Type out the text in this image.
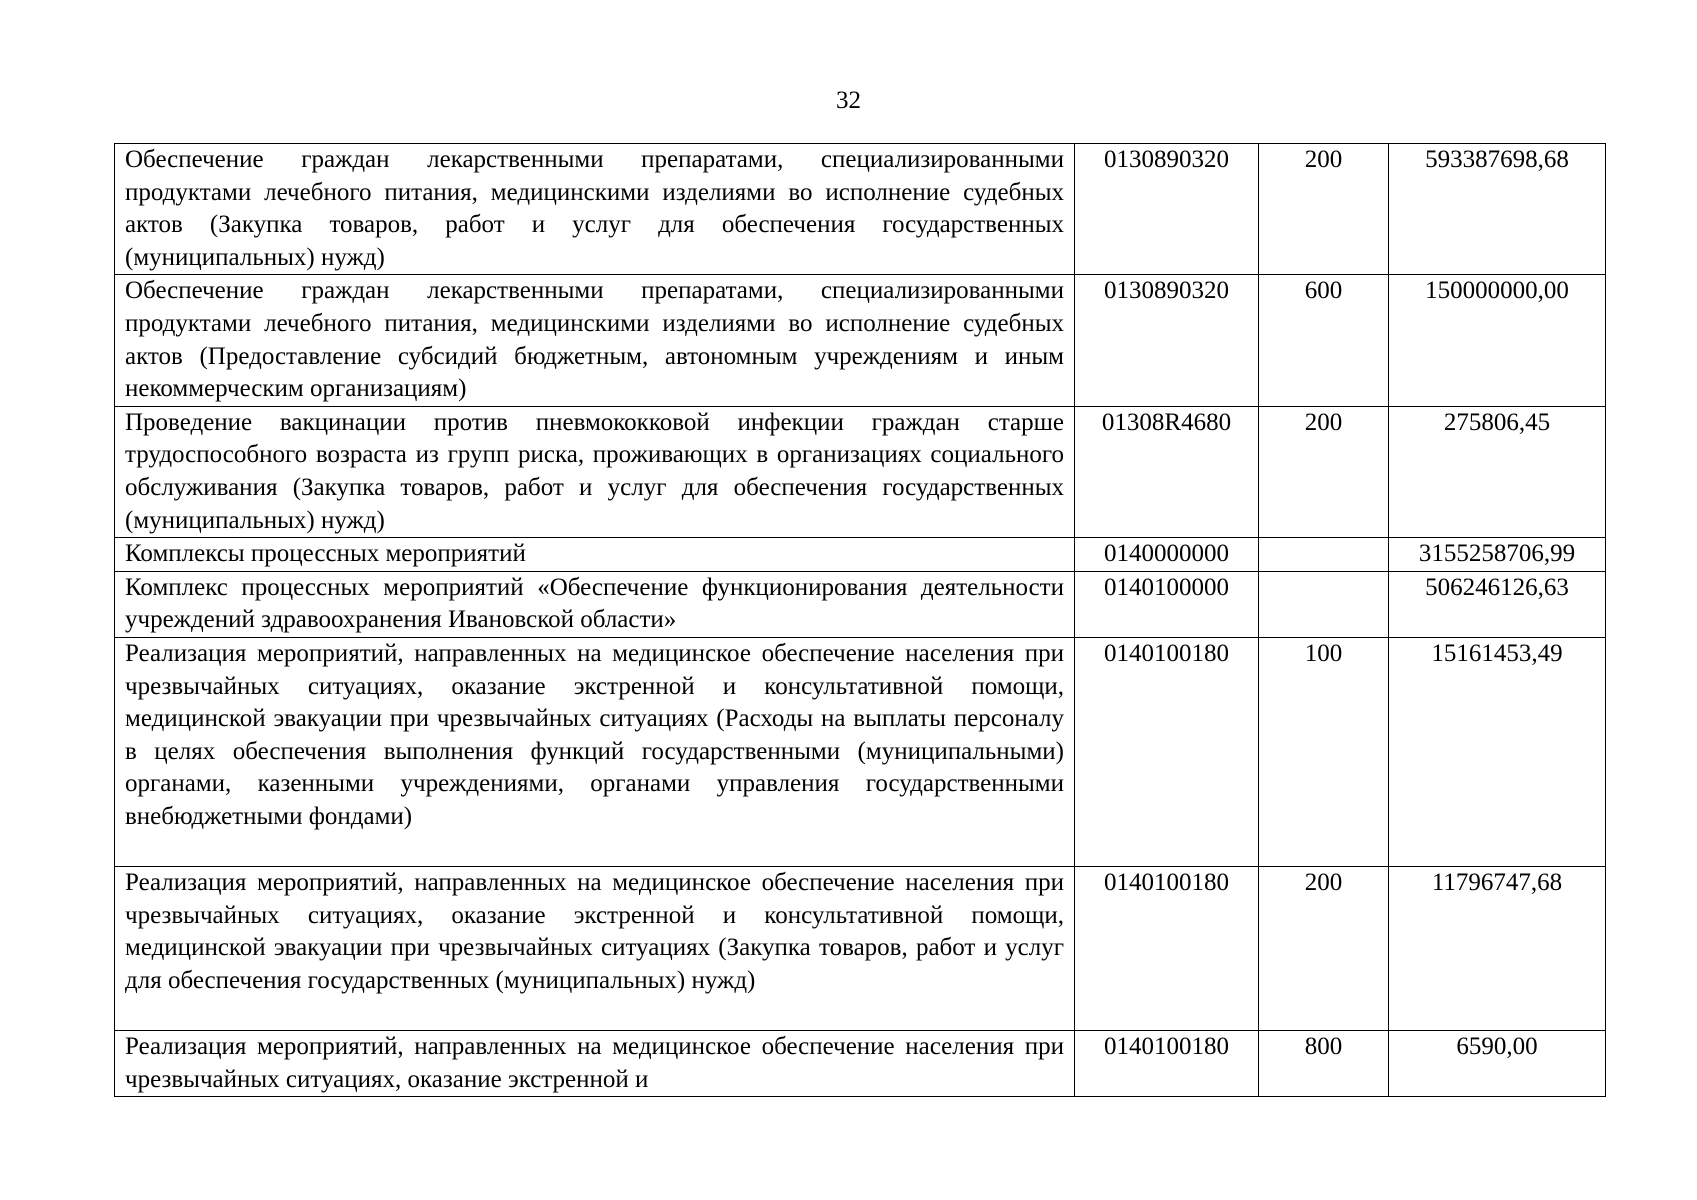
32
Обеспечение граждан лекарственными препаратами, специализированными продуктами лечебного питания, медицинскими изделиями во исполнение судебных актов (Закупка товаров, работ и услуг для обеспечения государственных (муниципальных) нужд)	0130890320	200	593387698,68
Обеспечение граждан лекарственными препаратами, специализированными продуктами лечебного питания, медицинскими изделиями во исполнение судебных актов (Предоставление субсидий бюджетным, автономным учреждениям и иным некоммерческим организациям)	0130890320	600	150000000,00
Проведение вакцинации против пневмококковой инфекции граждан старше трудоспособного возраста из групп риска, проживающих в организациях социального обслуживания (Закупка товаров, работ и услуг для обеспечения государственных (муниципальных) нужд)	01308R4680	200	275806,45
Комплексы процессных мероприятий	0140000000		3155258706,99
Комплекс процессных мероприятий «Обеспечение функционирования деятельности учреждений здравоохранения Ивановской области»	0140100000		506246126,63
Реализация мероприятий, направленных на медицинское обеспечение населения при чрезвычайных ситуациях, оказание экстренной и консультативной помощи, медицинской эвакуации при чрезвычайных ситуациях (Расходы на выплаты персоналу в целях обеспечения выполнения функций государственными (муниципальными) органами, казенными учреждениями, органами управления государственными внебюджетными фондами)	0140100180	100	15161453,49
Реализация мероприятий, направленных на медицинское обеспечение населения при чрезвычайных ситуациях, оказание экстренной и консультативной помощи, медицинской эвакуации при чрезвычайных ситуациях (Закупка товаров, работ и услуг для обеспечения государственных (муниципальных) нужд)	0140100180	200	11796747,68
Реализация мероприятий, направленных на медицинское обеспечение населения при чрезвычайных ситуациях, оказание экстренной и	0140100180	800	6590,00
